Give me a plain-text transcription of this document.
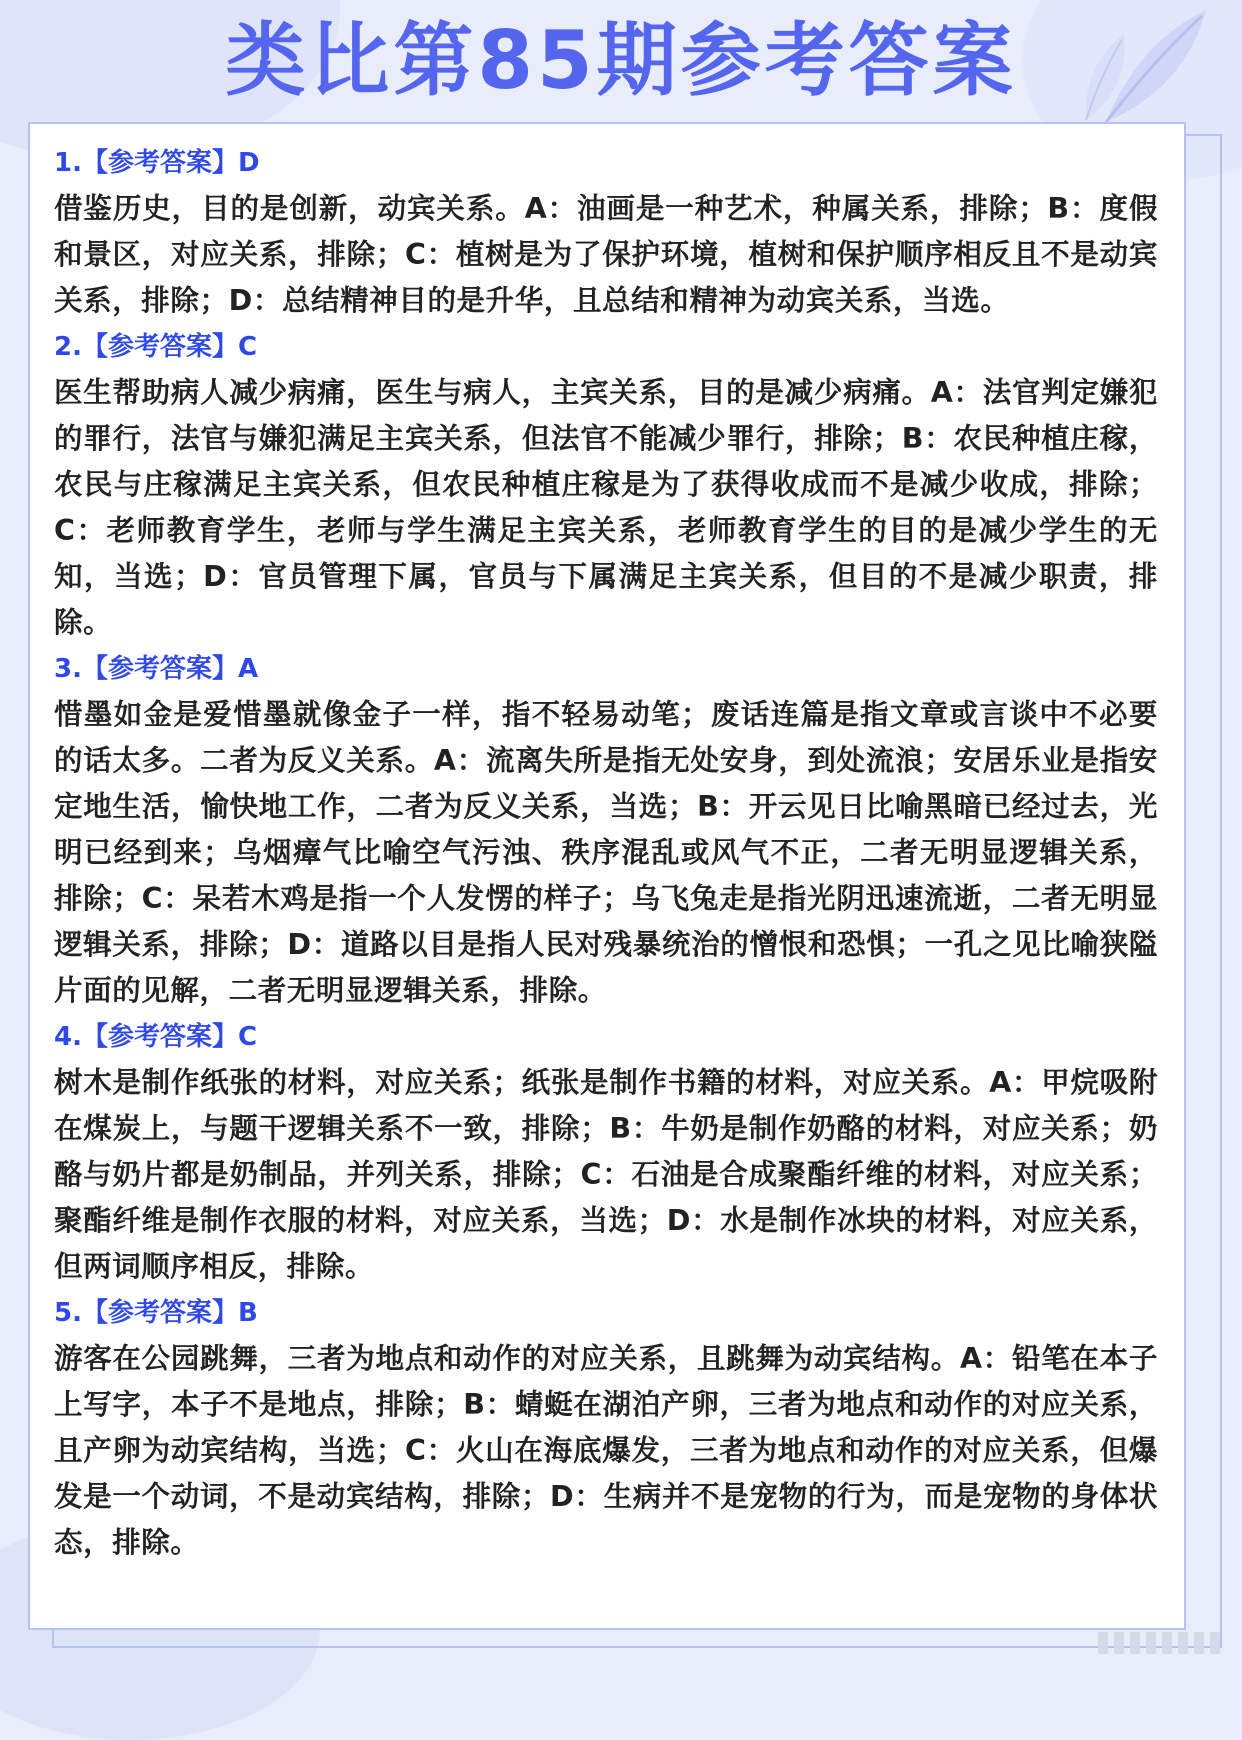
类比第85期参考答案
1.【参考答案】D
借鉴历史，目的是创新，动宾关系。A：油画是一种艺术，种属关系，排除；B：度假和景区，对应关系，排除；C：植树是为了保护环境，植树和保护顺序相反且不是动宾关系，排除；D：总结精神目的是升华，且总结和精神为动宾关系，当选。
2.【参考答案】C
医生帮助病人减少病痛，医生与病人，主宾关系，目的是减少病痛。A：法官判定嫌犯的罪行，法官与嫌犯满足主宾关系，但法官不能减少罪行，排除；B：农民种植庄稼，农民与庄稼满足主宾关系，但农民种植庄稼是为了获得收成而不是减少收成，排除；C：老师教育学生，老师与学生满足主宾关系，老师教育学生的目的是减少学生的无知，当选；D：官员管理下属，官员与下属满足主宾关系，但目的不是减少职责，排除。
3.【参考答案】A
惜墨如金是爱惜墨就像金子一样，指不轻易动笔；废话连篇是指文章或言谈中不必要的话太多。二者为反义关系。A：流离失所是指无处安身，到处流浪；安居乐业是指安定地生活，愉快地工作，二者为反义关系，当选；B：开云见日比喻黑暗已经过去，光明已经到来；乌烟瘴气比喻空气污浊、秩序混乱或风气不正，二者无明显逻辑关系，排除；C：呆若木鸡是指一个人发愣的样子；乌飞兔走是指光阴迅速流逝，二者无明显逻辑关系，排除；D：道路以目是指人民对残暴统治的憎恨和恐惧；一孔之见比喻狭隘片面的见解，二者无明显逻辑关系，排除。
4.【参考答案】C
树木是制作纸张的材料，对应关系；纸张是制作书籍的材料，对应关系。A：甲烷吸附在煤炭上，与题干逻辑关系不一致，排除；B：牛奶是制作奶酪的材料，对应关系；奶酪与奶片都是奶制品，并列关系，排除；C：石油是合成聚酯纤维的材料，对应关系；聚酯纤维是制作衣服的材料，对应关系，当选；D：水是制作冰块的材料，对应关系，但两词顺序相反，排除。
5.【参考答案】B
游客在公园跳舞，三者为地点和动作的对应关系，且跳舞为动宾结构。A：铅笔在本子上写字，本子不是地点，排除；B：蜻蜓在湖泊产卵，三者为地点和动作的对应关系，且产卵为动宾结构，当选；C：火山在海底爆发，三者为地点和动作的对应关系，但爆发是一个动词，不是动宾结构，排除；D：生病并不是宠物的行为，而是宠物的身体状态，排除。
